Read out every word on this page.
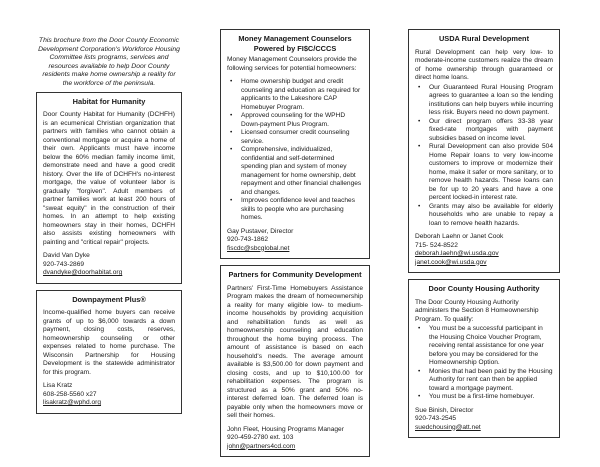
This brochure from the Door County Economic Development Corporation's Workforce Housing Committee lists programs, services and resources available to help Door County residents make home ownership a reality for the workforce of the peninsula.
Habitat for Humanity

Door County Habitat for Humanity (DCHFH) is an ecumenical Christian organization that partners with families who cannot obtain a conventional mortgage or acquire a home of their own. Applicants must have income below the 60% median family income limit, demonstrate need and have a good credit history. Over the life of DCHFH's no-interest mortgage, the value of volunteer labor is gradually "forgiven". Adult members of partner families work at least 200 hours of "sweat equity" in the construction of their homes. In an attempt to help existing homeowners stay in their homes, DCHFH also assists existing homeowners with painting and "critical repair" projects.

David Van Dyke
920-743-2869
dvandyke@doorhabitat.org
Downpayment Plus®

Income-qualified home buyers can receive grants of up to $6,000 towards a down payment, closing costs, reserves, homeownership counseling or other expenses related to home purchase. The Wisconsin Partnership for Housing Development is the statewide administrator for this program.

Lisa Kratz
608-258-5560 x27
lisakratz@wphd.org
Money Management Counselors
Powered by FI$C/CCCS

Money Management Counselors provide the following services for potential homeowners:

• Home ownership budget and credit counseling and education as required for applicants to the Lakeshore CAP Homebuyer Program.
• Approved counseling for the WPHD Down-payment Plus Program.
• Licensed consumer credit counseling service.
• Comprehensive, individualized, confidential and self-determined spending plan and system of money management for home ownership, debt repayment and other financial challenges and changes.
• Improves confidence level and teaches skills to people who are purchasing homes.
Gay Pustaver, Director
920-743-1862
fiscdc@sbcglobal.net
Partners for Community Development

Partners' First-Time Homebuyers Assistance Program makes the dream of homeownership a reality for many eligible low- to medium-income households by providing acquisition and rehabilitation funds as well as homeownership counseling and education throughout the home buying process. The amount of assistance is based on each household's needs. The average amount available is $3,500.00 for down payment and closing costs, and up to $10,100.00 for rehabilitation expenses. The program is structured as a 50% grant and 50% no-interest deferred loan. The deferred loan is payable only when the homeowners move or sell their homes.

John Fleet, Housing Programs Manager
920-459-2780 ext. 103
john@partners4cd.com
USDA Rural Development

Rural Development can help very low- to moderate-income customers realize the dream of home ownership through guaranteed or direct home loans.

• Our Guaranteed Rural Housing Program agrees to guarantee a loan so the lending institutions can help buyers while incurring less risk. Buyers need no down payment.
• Our direct program offers 33-38 year fixed-rate mortgages with payment subsidies based on income level.
• Rural Development can also provide 504 Home Repair loans to very low-income customers to improve or modernize their home, make it safer or more sanitary, or to remove health hazards. These loans can be for up to 20 years and have a one percent locked-in interest rate.
• Grants may also be available for elderly households who are unable to repay a loan to remove health hazards.
Deborah Laehn or Janet Cook
715- 524-8522
deborah.laehn@wi.usda.gov
janet.cook@wi.usda.gov
Door County Housing Authority

The Door County Housing Authority administers the Section 8 Homeownership Program. To qualify:

• You must be a successful participant in the Housing Choice Voucher Program, receiving rental assistance for one year before you may be considered for the Homeownership Option.
• Monies that had been paid by the Housing Authority for rent can then be applied toward a mortgage payment.
• You must be a first-time homebuyer.
Sue Binish, Director
920-743-2545
suedchousing@att.net
